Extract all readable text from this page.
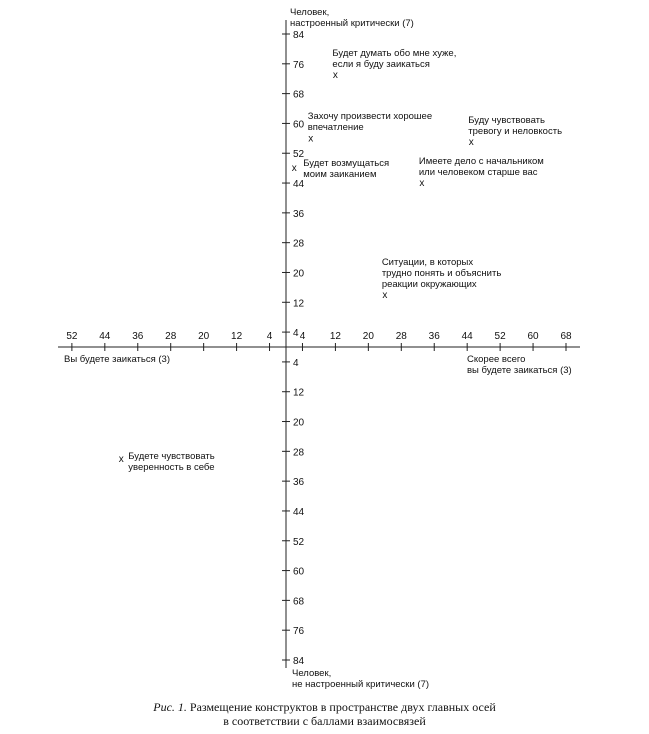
52 44 36 28 20 12 4	4 12 20 28 36 44 52 60 68
4
12
20
28
36
44
52
60
68
76
84
4
12
20
28
36
44
52
60
68
76
84
x
x	x
x
x
x
x
Человек,
настроенный критически (7)
Человек,
не настроенный критически (7)
Вы будете заикаться (3)	Скорее всего
вы будете заикаться (3)
Будет думать обо мне хуже,
если я буду заикаться
Захочу произвести хорошее
впечатление
Буду чувствовать
тревогу и неловкость
Будет возмущаться
моим заиканием
Имеете дело с начальником
или человеком старше вас
Ситуации, в которых
трудно понять и объяснить
реакции окружающих
Будете чувствовать
уверенность в себе
Рис. 1. Размещение конструктов в пространстве двух главных осей
в соответствии с баллами взаимосвязей
